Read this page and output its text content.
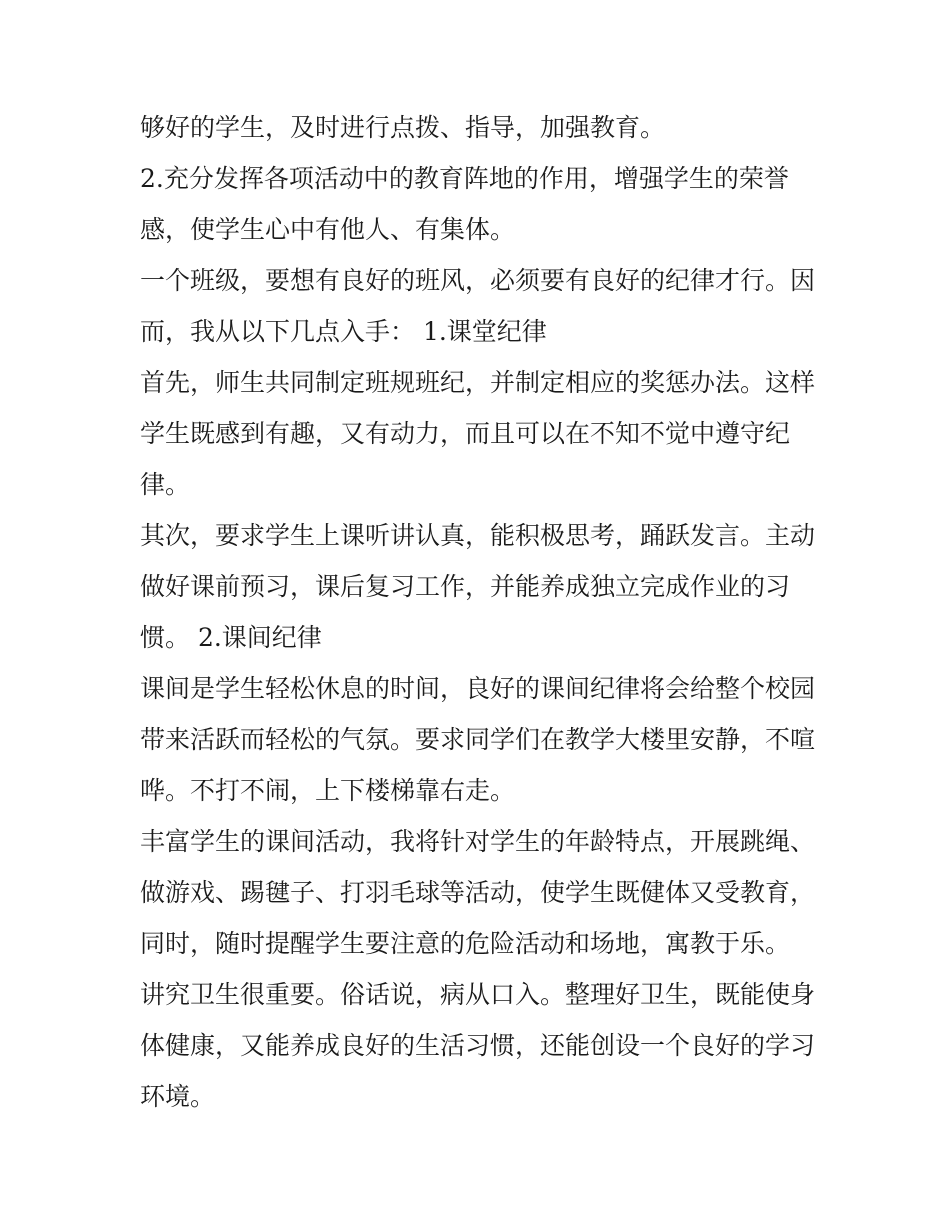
够好的学生，及时进行点拨、指导，加强教育。
2.充分发挥各项活动中的教育阵地的作用，增强学生的荣誉
感，使学生心中有他人、有集体。
一个班级，要想有良好的班风，必须要有良好的纪律才行。因
而，我从以下几点入手： 1.课堂纪律
首先，师生共同制定班规班纪，并制定相应的奖惩办法。这样
学生既感到有趣，又有动力，而且可以在不知不觉中遵守纪
律。
其次，要求学生上课听讲认真，能积极思考，踊跃发言。主动
做好课前预习，课后复习工作，并能养成独立完成作业的习
惯。 2.课间纪律
课间是学生轻松休息的时间，良好的课间纪律将会给整个校园
带来活跃而轻松的气氛。要求同学们在教学大楼里安静，不喧
哗。不打不闹，上下楼梯靠右走。
丰富学生的课间活动，我将针对学生的年龄特点，开展跳绳、
做游戏、踢毽子、打羽毛球等活动，使学生既健体又受教育，
同时，随时提醒学生要注意的危险活动和场地，寓教于乐。
讲究卫生很重要。俗话说，病从口入。整理好卫生，既能使身
体健康，又能养成良好的生活习惯，还能创设一个良好的学习
环境。
